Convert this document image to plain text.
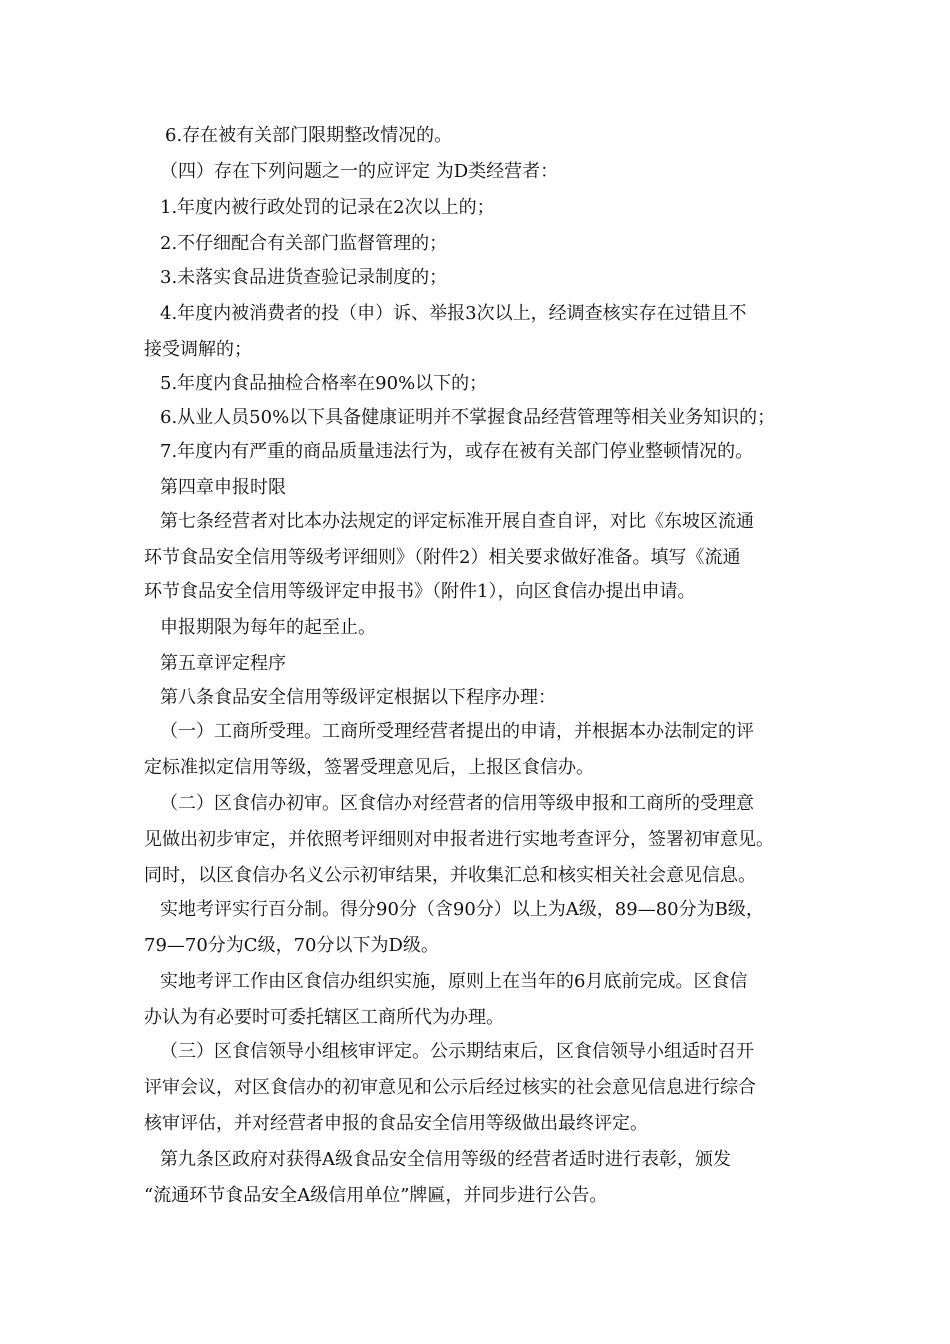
6.存在被有关部门限期整改情况的。
（四）存在下列问题之一的应评定 为D类经营者：
1.年度内被行政处罚的记录在2次以上的；
2.不仔细配合有关部门监督管理的；
3.未落实食品进货查验记录制度的；
4.年度内被消费者的投（申）诉、举报3次以上，经调查核实存在过错且不
接受调解的；
5.年度内食品抽检合格率在90%以下的；
6.从业人员50%以下具备健康证明并不掌握食品经营管理等相关业务知识的；
7.年度内有严重的商品质量违法行为，或存在被有关部门停业整顿情况的。
第四章申报时限
第七条经营者对比本办法规定的评定标准开展自查自评，对比《东坡区流通
环节食品安全信用等级考评细则》（附件2）相关要求做好准备。填写《流通
环节食品安全信用等级评定申报书》（附件1），向区食信办提出申请。
申报期限为每年的起至止。
第五章评定程序
第八条食品安全信用等级评定根据以下程序办理：
（一）工商所受理。工商所受理经营者提出的申请，并根据本办法制定的评
定标准拟定信用等级，签署受理意见后，上报区食信办。
（二）区食信办初审。区食信办对经营者的信用等级申报和工商所的受理意
见做出初步审定，并依照考评细则对申报者进行实地考查评分，签署初审意见。
同时，以区食信办名义公示初审结果，并收集汇总和核实相关社会意见信息。
实地考评实行百分制。得分90分（含90分）以上为A级，89—80分为B级，
79—70分为C级，70分以下为D级。
实地考评工作由区食信办组织实施，原则上在当年的6月底前完成。区食信
办认为有必要时可委托辖区工商所代为办理。
（三）区食信领导小组核审评定。公示期结束后，区食信领导小组适时召开
评审会议，对区食信办的初审意见和公示后经过核实的社会意见信息进行综合
核审评估，并对经营者申报的食品安全信用等级做出最终评定。
第九条区政府对获得A级食品安全信用等级的经营者适时进行表彰，颁发
“流通环节食品安全A级信用单位”牌匾，并同步进行公告。
